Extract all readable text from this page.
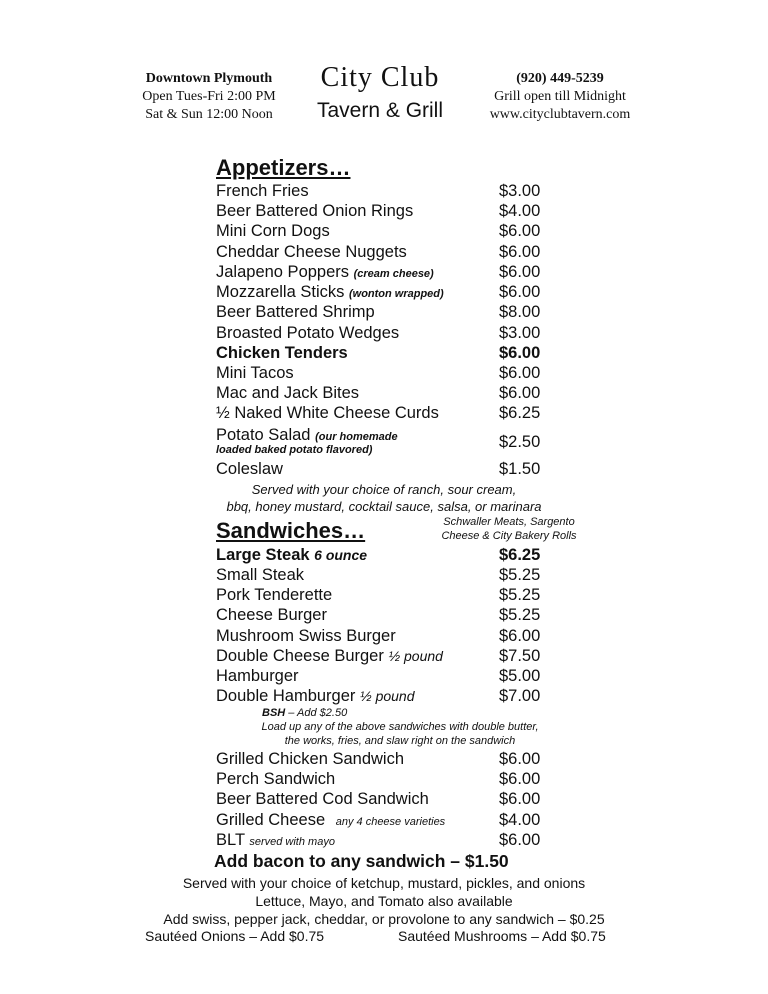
Downtown Plymouth
Open Tues-Fri 2:00 PM
Sat & Sun 12:00 Noon
City Club
Tavern & Grill
(920) 449-5239
Grill open till Midnight
www.cityclubtavern.com
Appetizers…
French Fries	$3.00
Beer Battered Onion Rings	$4.00
Mini Corn Dogs	$6.00
Cheddar Cheese Nuggets	$6.00
Jalapeno Poppers (cream cheese)	$6.00
Mozzarella Sticks (wonton wrapped)	$6.00
Beer Battered Shrimp	$8.00
Broasted Potato Wedges	$3.00
Chicken Tenders	$6.00
Mini Tacos	$6.00
Mac and Jack Bites	$6.00
½ Naked White Cheese Curds	$6.25
Potato Salad (our homemade
loaded baked potato flavored)	$2.50
Coleslaw	$1.50
Served with your choice of ranch, sour cream,
bbq, honey mustard, cocktail sauce, salsa, or marinara
Sandwiches…	Schwaller Meats, Sargento
Cheese & City Bakery Rolls
Large Steak 6 ounce	$6.25
Small Steak	$5.25
Pork Tenderette	$5.25
Cheese Burger	$5.25
Mushroom Swiss Burger	$6.00
Double Cheese Burger ½ pound	$7.50
Hamburger	$5.00
Double Hamburger ½ pound	$7.00
BSH – Add $2.50
Load up any of the above sandwiches with double butter,
the works, fries, and slaw right on the sandwich
Grilled Chicken Sandwich	$6.00
Perch Sandwich	$6.00
Beer Battered Cod Sandwich	$6.00
Grilled Cheese any 4 cheese varieties	$4.00
BLT served with mayo	$6.00
Add bacon to any sandwich – $1.50
Served with your choice of ketchup, mustard, pickles, and onions
Lettuce, Mayo, and Tomato also available
Add swiss, pepper jack, cheddar, or provolone to any sandwich – $0.25
Sautéed Onions – Add $0.75	Sautéed Mushrooms – Add $0.75
